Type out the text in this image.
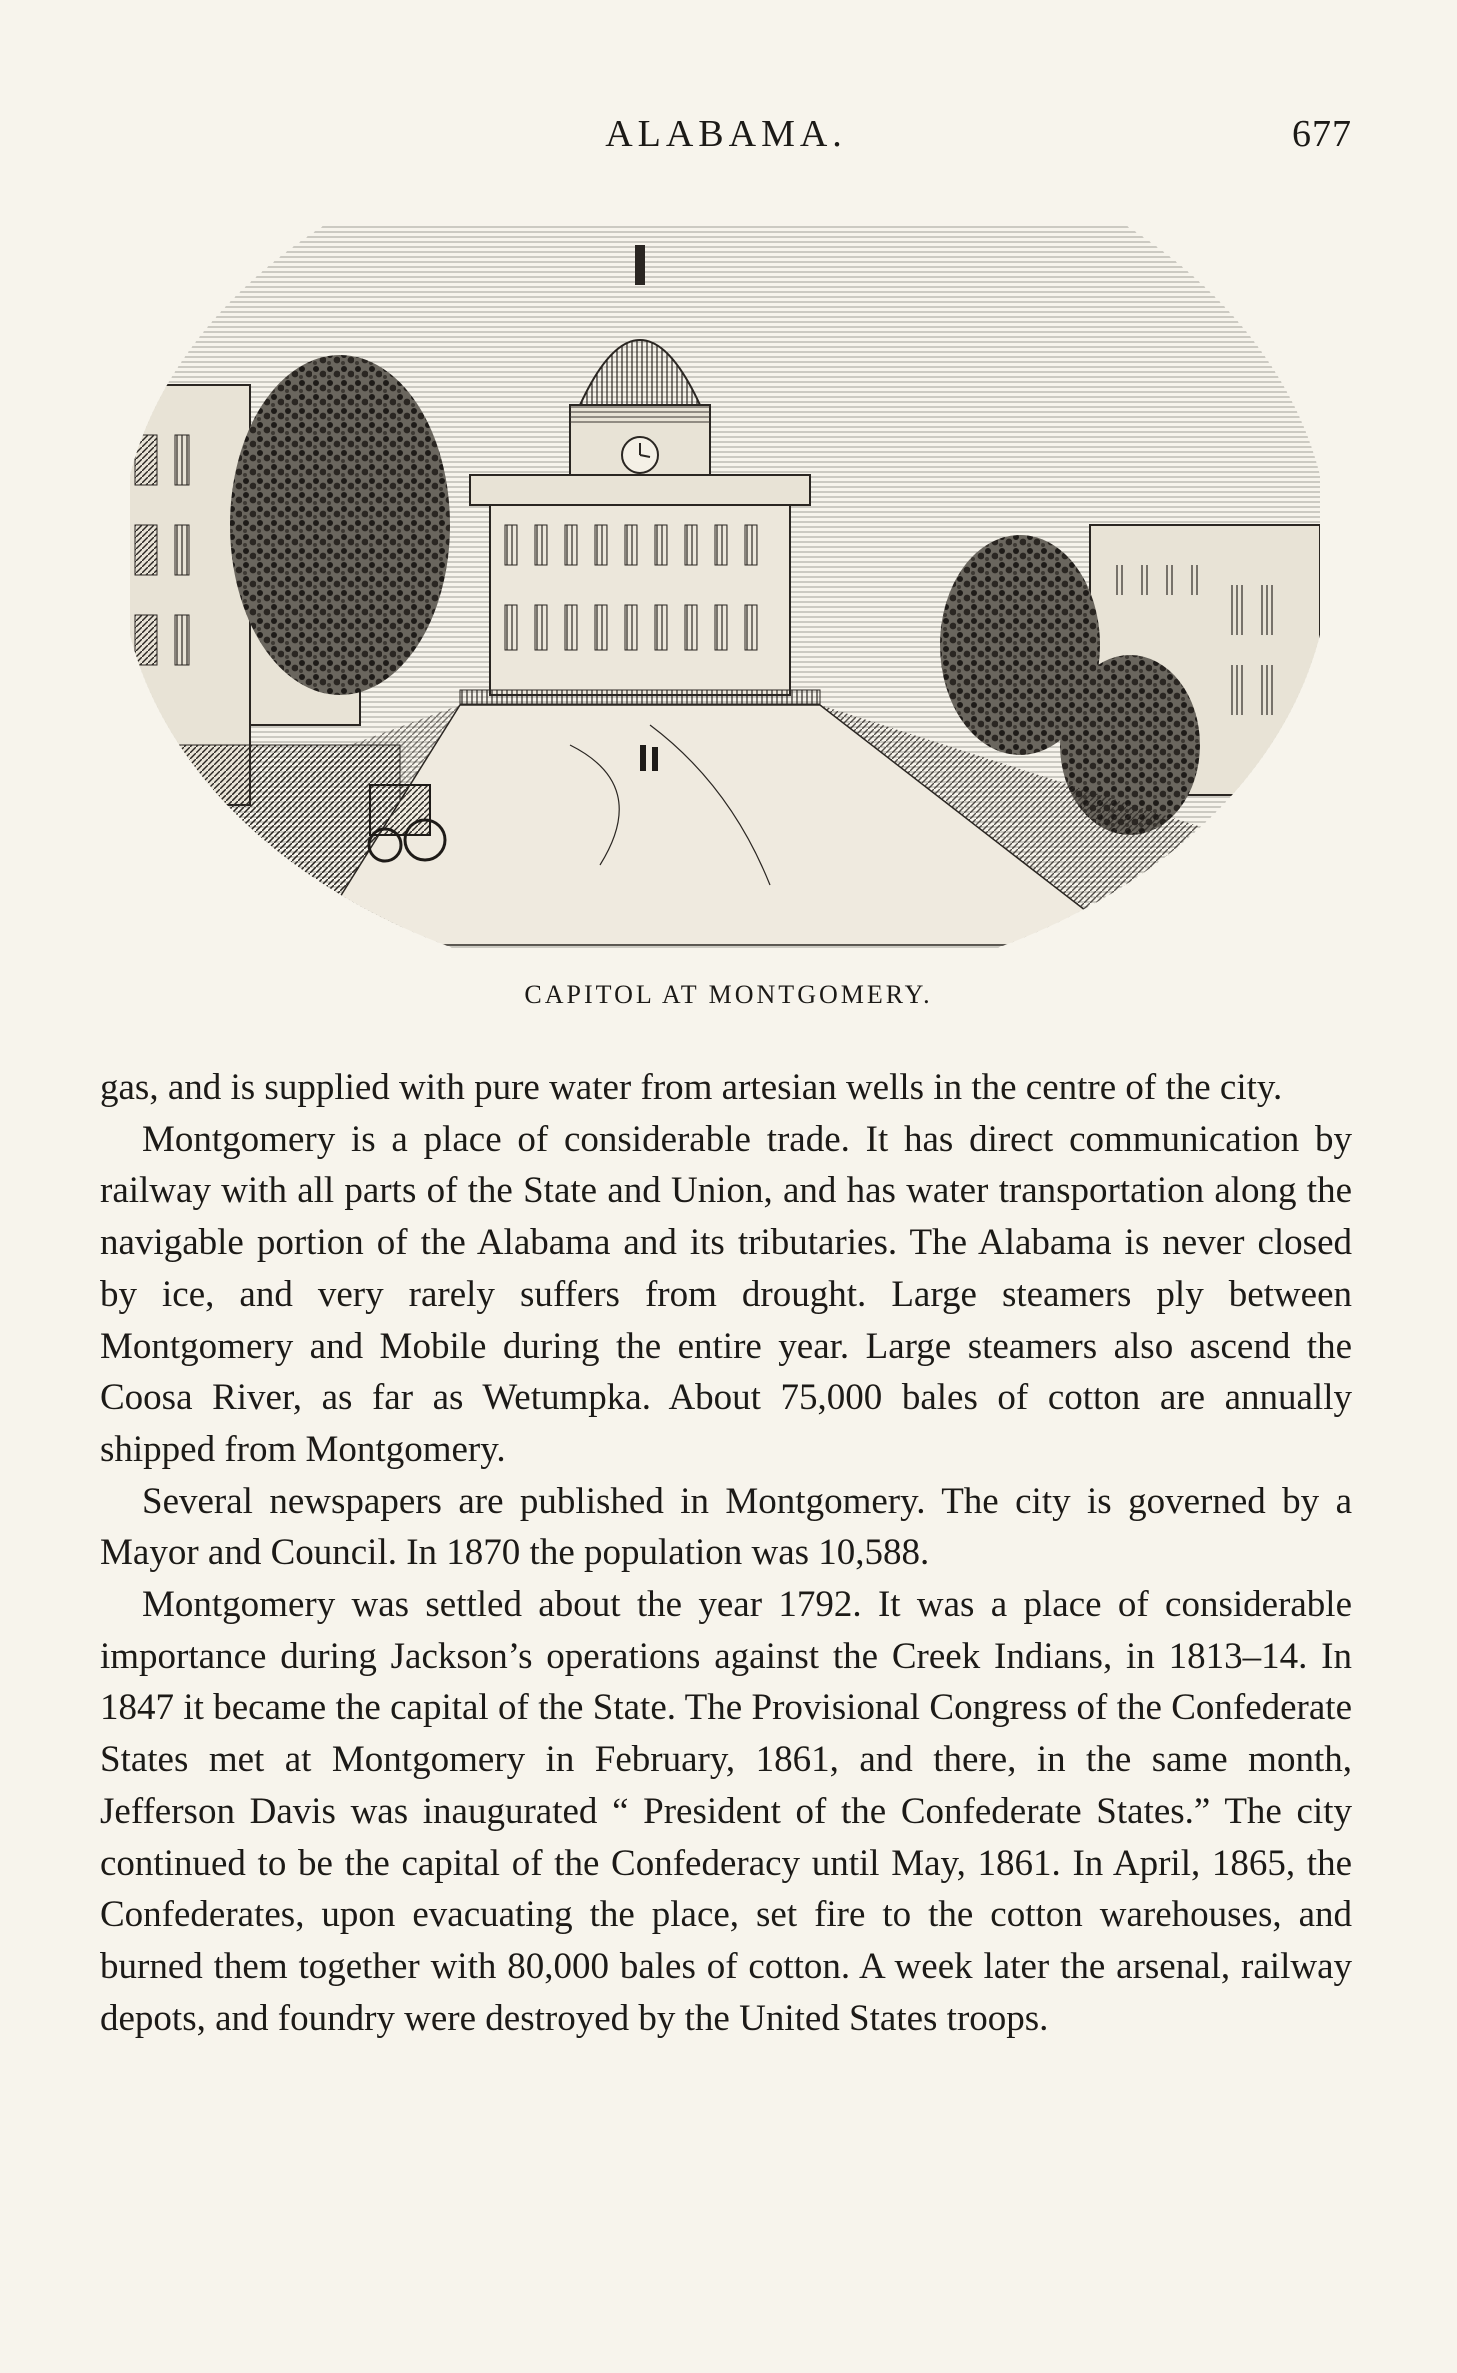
ALABAMA.	677
CAPITOL AT MONTGOMERY.

gas, and is supplied with pure water from artesian wells in the centre of the city.

Montgomery is a place of considerable trade. It has direct communication by railway with all parts of the State and Union, and has water transportation along the navigable portion of the Alabama and its tributaries. The Alabama is never closed by ice, and very rarely suffers from drought. Large steamers ply between Montgomery and Mobile during the entire year. Large steamers also ascend the Coosa River, as far as Wetumpka. About 75,000 bales of cotton are annually shipped from Montgomery.

Several newspapers are published in Montgomery. The city is governed by a Mayor and Council. In 1870 the population was 10,588.

Montgomery was settled about the year 1792. It was a place of considerable importance during Jackson’s operations against the Creek Indians, in 1813–14. In 1847 it became the capital of the State. The Provisional Congress of the Confederate States met at Montgomery in February, 1861, and there, in the same month, Jefferson Davis was inaugurated “ President of the Confederate States.” The city continued to be the capital of the Confederacy until May, 1861. In April, 1865, the Confederates, upon evacuating the place, set fire to the cotton warehouses, and burned them together with 80,000 bales of cotton. A week later the arsenal, railway depots, and foundry were destroyed by the United States troops.
